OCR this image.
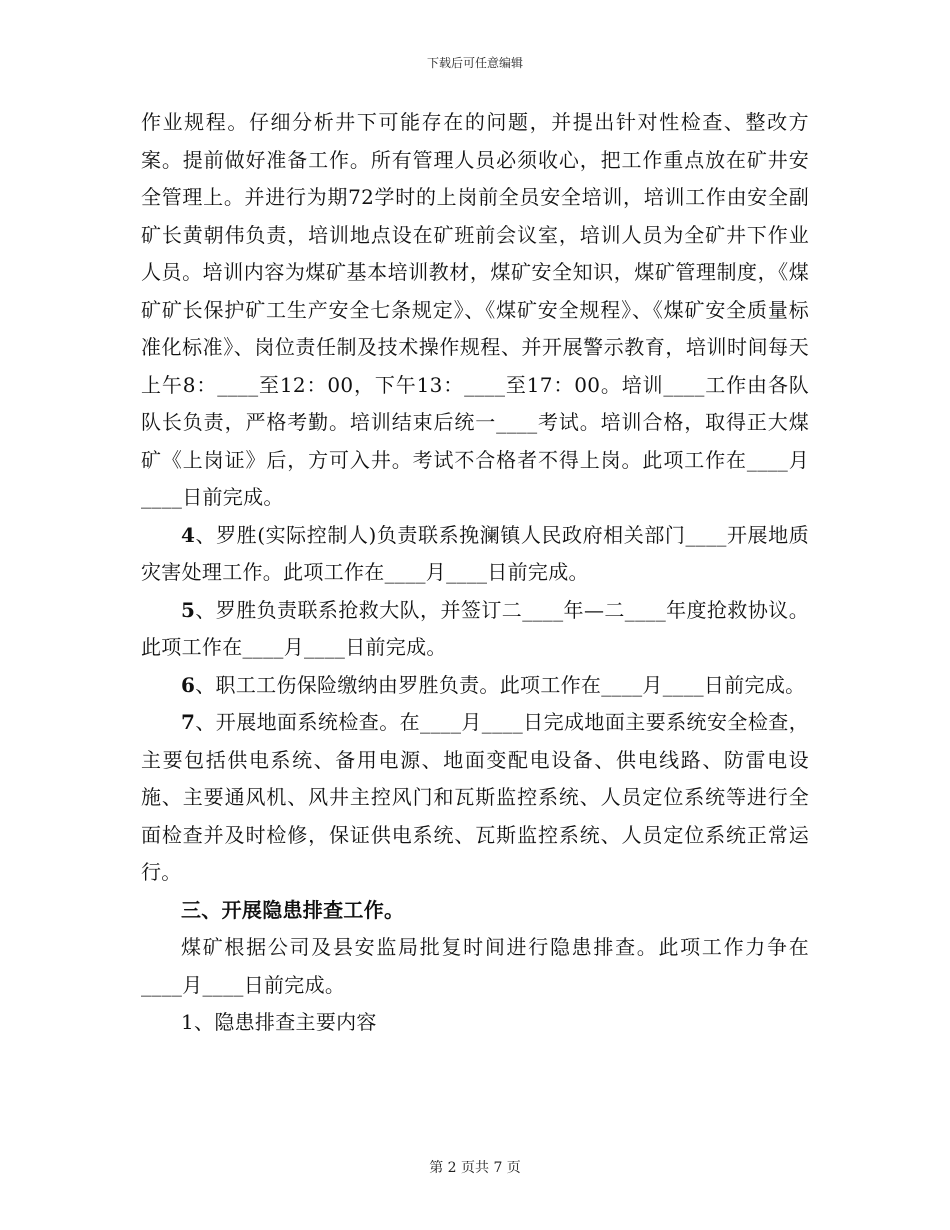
下载后可任意编辑

作业规程。仔细分析井下可能存在的问题，并提出针对性检查、整改方案。提前做好准备工作。所有管理人员必须收心，把工作重点放在矿井安全管理上。并进行为期72学时的上岗前全员安全培训，培训工作由安全副矿长黄朝伟负责，培训地点设在矿班前会议室，培训人员为全矿井下作业人员。培训内容为煤矿基本培训教材，煤矿安全知识，煤矿管理制度，《煤矿矿长保护矿工生产安全七条规定》、《煤矿安全规程》、《煤矿安全质量标准化标准》、岗位责任制及技术操作规程、并开展警示教育，培训时间每天上午8：____至12：00，下午13：____至17：00。培训____工作由各队队长负责，严格考勤。培训结束后统一____考试。培训合格，取得正大煤矿《上岗证》后，方可入井。考试不合格者不得上岗。此项工作在____月____日前完成。

4、罗胜(实际控制人)负责联系挽澜镇人民政府相关部门____开展地质灾害处理工作。此项工作在____月____日前完成。

5、罗胜负责联系抢救大队，并签订二____年—二____年度抢救协议。此项工作在____月____日前完成。

6、职工工伤保险缴纳由罗胜负责。此项工作在____月____日前完成。

7、开展地面系统检查。在____月____日完成地面主要系统安全检查，主要包括供电系统、备用电源、地面变配电设备、供电线路、防雷电设施、主要通风机、风井主控风门和瓦斯监控系统、人员定位系统等进行全面检查并及时检修，保证供电系统、瓦斯监控系统、人员定位系统正常运行。

三、开展隐患排查工作。

煤矿根据公司及县安监局批复时间进行隐患排查。此项工作力争在____月____日前完成。

1、隐患排查主要内容

第 2 页共 7 页
